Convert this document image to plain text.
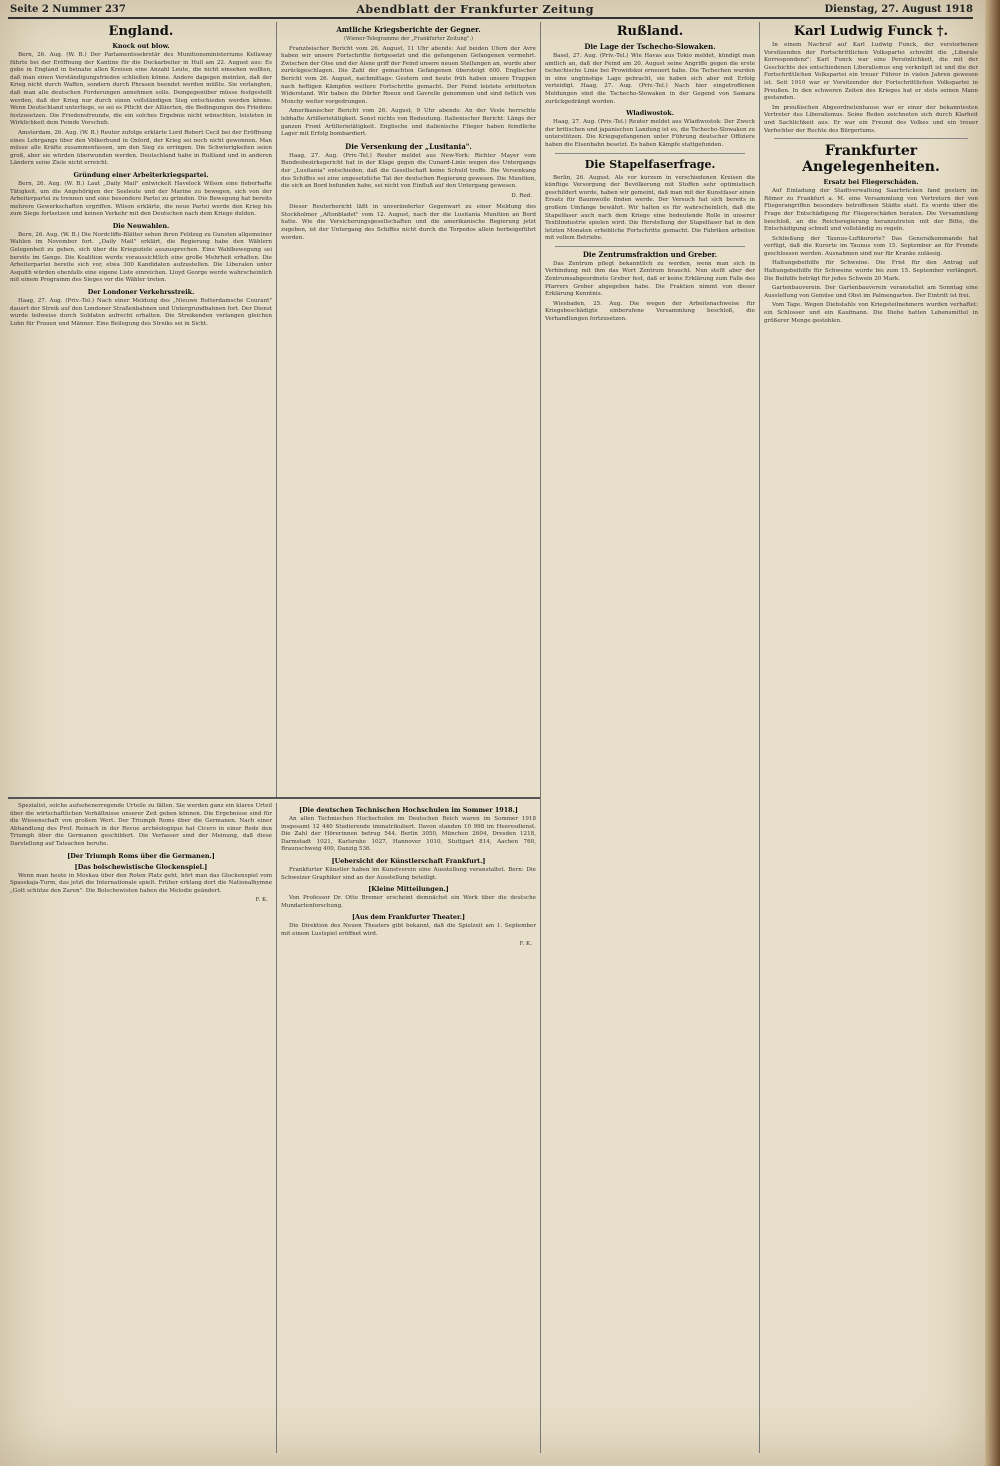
Seite 2 Nummer 237	Abendblatt der Frankfurter Zeitung	Dienstag, 27. August 1918
England.
Knock out blow.

Bern, 26. Aug. (W. B.) Der Parlamentssekretär des Munitionsministeriums Kellaway führte bei der Eröffnung der Kantine für die Dockarbeiter in Hull am 22. August aus: Es gebe in England in beinahe allen Kreisen eine Anzahl Leute, die nicht einsehen wollten, daß man einen Verständigungsfrieden schließen könne. Andere dagegen meinten, daß der Krieg nicht durch Waffen, sondern durch Phrasen beendet werden müßte. Sie verlangten, daß man alle deutschen Forderungen annehmen solle. Demgegenüber müsse festgestellt werden, daß der Krieg nur durch einen vollständigen Sieg entschieden werden könne. Wenn Deutschland unterliege, so sei es Pflicht der Alliierten, die Bedingungen des Friedens festzusetzen. Die Friedensfreunde, die ein solches Ergebnis nicht wünschten, leisteten in Wirklichkeit dem Feinde Vorschub.

Amsterdam, 26. Aug. (W. B.) Reuter zufolge erklärte Lord Robert Cecil bei der Eröffnung eines Lehrgangs über den Völkerbund in Oxford, der Krieg sei noch nicht gewonnen. Man müsse alle Kräfte zusammenfassen, um den Sieg zu erringen. Die Schwierigkeiten seien groß, aber sie würden überwunden werden. Deutschland habe in Rußland und in anderen Ländern seine Ziele nicht erreicht.

Gründung einer Arbeiterkriegspartei.

Bern, 26. Aug. (W. B.) Laut „Daily Mail" entwickelt Havelock Wilson eine fieberhafte Tätigkeit, um die Angehörigen der Seeleute und der Marine zu bewegen, sich von der Arbeiterpartei zu trennen und eine besondere Partei zu gründen. Die Bewegung hat bereits mehrere Gewerkschaften ergriffen. Wilson erklärte, die neue Partei werde den Krieg bis zum Siege fortsetzen und keinen Verkehr mit den Deutschen nach dem Kriege dulden.

Die Neuwahlen.

Bern, 26. Aug. (W. B.) Die Nordcliffe-Blätter sehen ihren Feldzug zu Gunsten allgemeiner Wahlen im November fort. „Daily Mail" erklärt, die Regierung habe den Wählern Gelegenheit zu geben, sich über die Kriegsziele auszusprechen. Eine Wahlbewegung sei bereits im Gange. Die Koalition werde voraussichtlich eine große Mehrheit erhalten. Die Arbeiterpartei bereite sich vor, etwa 300 Kandidaten aufzustellen. Die Liberalen unter Asquith würden ebenfalls eine eigene Liste einreichen. Lloyd George werde wahrscheinlich mit einem Programm des Sieges vor die Wähler treten.

Der Londoner Verkehrsstreik.

Haag, 27. Aug. (Priv.-Tel.) Nach einer Meldung des „Nieuwe Rotterdamsche Courant" dauert der Streik auf den Londoner Straßenbahnen und Untergrundbahnen fort. Der Dienst wurde teilweise durch Soldaten aufrecht erhalten. Die Streikenden verlangen gleichen Lohn für Frauen und Männer. Eine Beilegung des Streiks sei in Sicht.

Amtliche Kriegsberichte der Gegner.
(Wiener-Telegramme der „Frankfurter Zeitung".)

Französischer Bericht vom 26. August, 11 Uhr abends: Auf beiden Ufern der Avre haben wir unsere Fortschritte fortgesetzt und die gefangenen Gefangenen vermehrt. Zwischen der Oise und der Aisne griff der Feind unsere neuen Stellungen an, wurde aber zurückgeschlagen. Die Zahl der gemachten Gefangenen übersteigt 600. Englischer Bericht vom 26. August, nachmittags: Gestern und heute früh haben unsere Truppen nach heftigen Kämpfen weitere Fortschritte gemacht. Der Feind leistete erbitterten Widerstand. Wir haben die Dörfer Roeux und Gavrelle genommen und sind östlich von Monchy weiter vorgedrungen.

Amerikanischer Bericht vom 26. August, 9 Uhr abends: An der Vesle herrschte lebhafte Artillerietätigkeit. Sonst nichts von Bedeutung. Italienischer Bericht: Längs der ganzen Front Artillerietätigkeit. Englische und italienische Flieger haben feindliche Lager mit Erfolg bombardiert.

Die Versenkung der „Lusitania".

Haag, 27. Aug. (Priv.-Tel.) Reuter meldet aus New-York: Richter Mayer vom Bundesbezirksgericht hat in der Klage gegen die Cunard-Linie wegen des Untergangs der „Lusitania" entschieden, daß die Gesellschaft keine Schuld treffe. Die Versenkung des Schiffes sei eine ungesetzliche Tat der deutschen Regierung gewesen. Die Munition, die sich an Bord befunden habe, sei nicht von Einfluß auf den Untergang gewesen.

D. Red.

Dieser Reuterbericht läßt in unveränderter Gegenwart zu einer Meldung des Stockholmer „Aftonbladet" vom 12. August, nach der die Lusitania Munition an Bord hatte. Wie die Versicherungsgesellschaften und die amerikanische Regierung jetzt zugeben, ist der Untergang des Schiffes nicht durch die Torpedos allein herbeigeführt worden.

Spezialist, solche aufsehenerregende Urteile zu fällen. Sie werden ganz ein klares Urteil über die wirtschaftlichen Verhältnisse unserer Zeit geben können. Die Ergebnisse sind für die Wissenschaft von großem Wert. Der Triumph Roms über die Germanen. Nach einer Abhandlung des Prof. Reinach in der Revue archéologique hat Cicero in einer Rede den Triumph über die Germanen geschildert. Die Verfasser sind der Meinung, daß diese Darstellung auf Tatsachen beruhe.

[Der Triumph Roms über die Germanen.]
[Das bolschewistische Glockenspiel.]

Wenn man heute in Moskau über den Roten Platz geht, hört man das Glockenspiel vom Spasskaja-Turm, das jetzt die Internationale spielt. Früher erklang dort die Nationalhymne „Gott schütze den Zaren". Die Bolschewisten haben die Melodie geändert.

F. K.
[Die deutschen Technischen Hochschulen im Sommer 1918.]

An allen Technischen Hochschulen im Deutschen Reich waren im Sommer 1918 insgesamt 12 440 Studierende immatrikuliert. Davon standen 10 998 im Heeresdienst. Die Zahl der Hörerinnen betrug 544. Berlin 3050, München 2604, Dresden 1218, Darmstadt 1021, Karlsruhe 1027, Hannover 1010, Stuttgart 814, Aachen 760, Braunschweig 400, Danzig 536.

[Uebersicht der Künstlerschaft Frankfurt.]

Frankfurter Künstler haben im Kunstverein eine Ausstellung veranstaltet. Bern: Die Schweizer Graphiker sind an der Ausstellung beteiligt.

[Kleine Mitteilungen.]

Von Professor Dr. Otto Bremer erscheint demnächst ein Werk über die deutsche Mundartenforschung.

[Aus dem Frankfurter Theater.]

Die Direktion des Neuen Theaters gibt bekannt, daß die Spielzeit am 1. September mit einem Lustspiel eröffnet wird.

F. K.
Rußland.
Die Lage der Tschecho-Slowaken.

Basel, 27. Aug. (Priv.-Tel.) Wie Havas aus Tokio meldet, kündigt man amtlich an, daß der Feind am 20. August seine Angriffe gegen die erste tschechische Linie bei Prowidskoi erneuert habe. Die Tschechen wurden in eine ungünstige Lage gebracht, sie haben sich aber mit Erfolg verteidigt. Haag, 27. Aug. (Priv.-Tel.) Nach hier eingetroffenen Meldungen sind die Tschecho-Slowaken in der Gegend von Samara zurückgedrängt worden.

Wladiwostok.

Haag, 27. Aug. (Priv.-Tel.) Reuter meldet aus Wladiwostok: Der Zweck der britischen und japanischen Landung ist es, die Tschecho-Slowaken zu unterstützen. Die Kriegsgefangenen unter Führung deutscher Offiziere haben die Eisenbahn besetzt. Es haben Kämpfe stattgefunden.

Die Stapelfaserfrage.

Berlin, 26. August. Als vor kurzem in verschiedenen Kreisen die künftige Versorgung der Bevölkerung mit Stoffen sehr optimistisch geschildert wurde, haben wir gemeint, daß man mit der Kunstfaser einen Ersatz für Baumwolle finden werde. Der Versuch hat sich bereits in großem Umfange bewährt. Wir halten es für wahrscheinlich, daß die Stapelfaser auch nach dem Kriege eine bedeutende Rolle in unserer Textilindustrie spielen wird. Die Herstellung der Stapelfaser hat in den letzten Monaten erhebliche Fortschritte gemacht. Die Fabriken arbeiten mit vollem Betriebe.

Die Zentrumsfraktion und Greber.

Das Zentrum pflegt bekanntlich zu werden, wenn man sich in Verbindung mit ihm das Wort Zentrum braucht. Nun stellt aber der Zentrumsabgeordnete Greber fest, daß er keine Erklärung zum Falle des Pfarrers Greber abgegeben habe. Die Fraktion nimmt von dieser Erklärung Kenntnis.

Wiesbaden, 25. Aug. Die wegen der Arbeitsnachweise für Kriegsbeschädigte einberufene Versammlung beschloß, die Verhandlungen fortzusetzen.

Karl Ludwig Funck †.

In einem Nachruf auf Karl Ludwig Funck, der verstorbenen Vorsitzenden der Fortschrittlichen Volkspartei schreibt die „Liberale Korrespondenz": Karl Funck war eine Persönlichkeit, die mit der Geschichte des entschiedenen Liberalismus eng verknüpft ist und die der Fortschrittlichen Volkspartei ein treuer Führer in vielen Jahren gewesen ist. Seit 1910 war er Vorsitzender der Fortschrittlichen Volkspartei in Preußen. In den schweren Zeiten des Krieges hat er stets seinen Mann gestanden.

Im preußischen Abgeordnetenhause war er einer der bekanntesten Vertreter des Liberalismus. Seine Reden zeichneten sich durch Klarheit und Sachlichkeit aus. Er war ein Freund des Volkes und ein treuer Verfechter der Rechte des Bürgertums.

Frankfurter Angelegenheiten.
Ersatz bei Fliegerschäden.

Auf Einladung der Stadtverwaltung Saarbrücken fand gestern im Römer zu Frankfurt a. M. eine Versammlung von Vertretern der von Fliegerangriffen besonders betroffenen Städte statt. Es wurde über die Frage der Entschädigung für Fliegerschäden beraten. Die Versammlung beschloß, an die Reichsregierung heranzutreten mit der Bitte, die Entschädigung schnell und vollständig zu regeln.

Schließung der Taunus-Luftkurorte? Das Generalkommando hat verfügt, daß die Kurorte im Taunus vom 15. September an für Fremde geschlossen werden. Ausnahmen sind nur für Kranke zulässig.

Haltungsbeihilfe für Schweine. Die Frist für den Antrag auf Haltungsbeihilfe für Schweine wurde bis zum 15. September verlängert. Die Beihilfe beträgt für jedes Schwein 20 Mark.

Gartenbauverein. Der Gartenbauverein veranstaltet am Sonntag eine Ausstellung von Gemüse und Obst im Palmengarten. Der Eintritt ist frei.

Vom Tage. Wegen Diebstahls von Kriegsteilnehmern wurden verhaftet: ein Schlosser und ein Kaufmann. Die Diebe hatten Lebensmittel in größerer Menge gestohlen.
